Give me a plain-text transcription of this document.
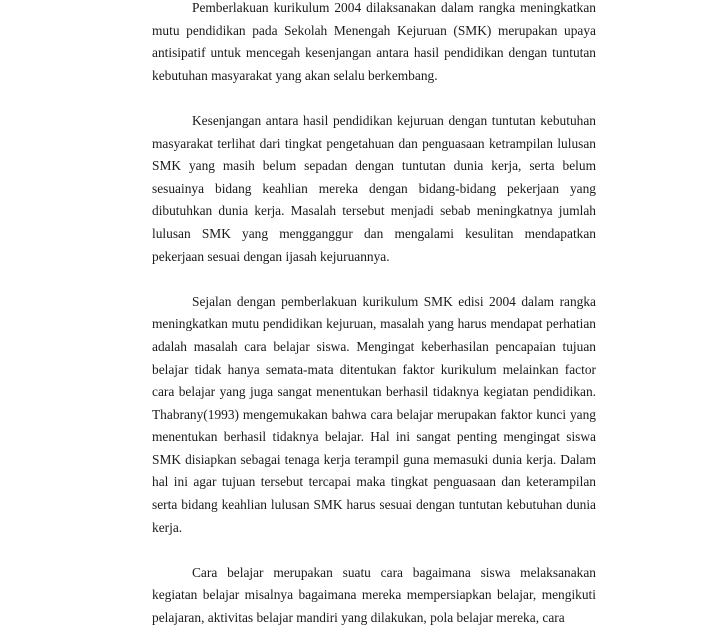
Pemberlakuan kurikulum 2004 dilaksanakan dalam rangka meningkatkan mutu pendidikan pada Sekolah Menengah Kejuruan (SMK) merupakan upaya antisipatif untuk mencegah kesenjangan antara hasil pendidikan dengan tuntutan kebutuhan masyarakat yang akan selalu berkembang.

Kesenjangan antara hasil pendidikan kejuruan dengan tuntutan kebutuhan masyarakat terlihat dari tingkat pengetahuan dan penguasaan ketrampilan lulusan SMK yang masih belum sepadan dengan tuntutan dunia kerja, serta belum sesuainya bidang keahlian mereka dengan bidang-bidang pekerjaan yang dibutuhkan dunia kerja. Masalah tersebut menjadi sebab meningkatnya jumlah lulusan SMK yang mengganggur dan mengalami kesulitan mendapatkan pekerjaan sesuai dengan ijasah kejuruannya.

Sejalan dengan pemberlakuan kurikulum SMK edisi 2004 dalam rangka meningkatkan mutu pendidikan kejuruan, masalah yang harus mendapat perhatian adalah masalah cara belajar siswa. Mengingat keberhasilan pencapaian tujuan belajar tidak hanya semata-mata ditentukan faktor kurikulum melainkan factor cara belajar yang juga sangat menentukan berhasil tidaknya kegiatan pendidikan. Thabrany(1993) mengemukakan bahwa cara belajar merupakan faktor kunci yang menentukan berhasil tidaknya belajar. Hal ini sangat penting mengingat siswa SMK disiapkan sebagai tenaga kerja terampil guna memasuki dunia kerja. Dalam hal ini agar tujuan tersebut tercapai maka tingkat penguasaan dan keterampilan serta bidang keahlian lulusan SMK harus sesuai dengan tuntutan kebutuhan dunia kerja.

Cara belajar merupakan suatu cara bagaimana siswa melaksanakan kegiatan belajar misalnya bagaimana mereka mempersiapkan belajar, mengikuti pelajaran, aktivitas belajar mandiri yang dilakukan, pola belajar mereka, cara
